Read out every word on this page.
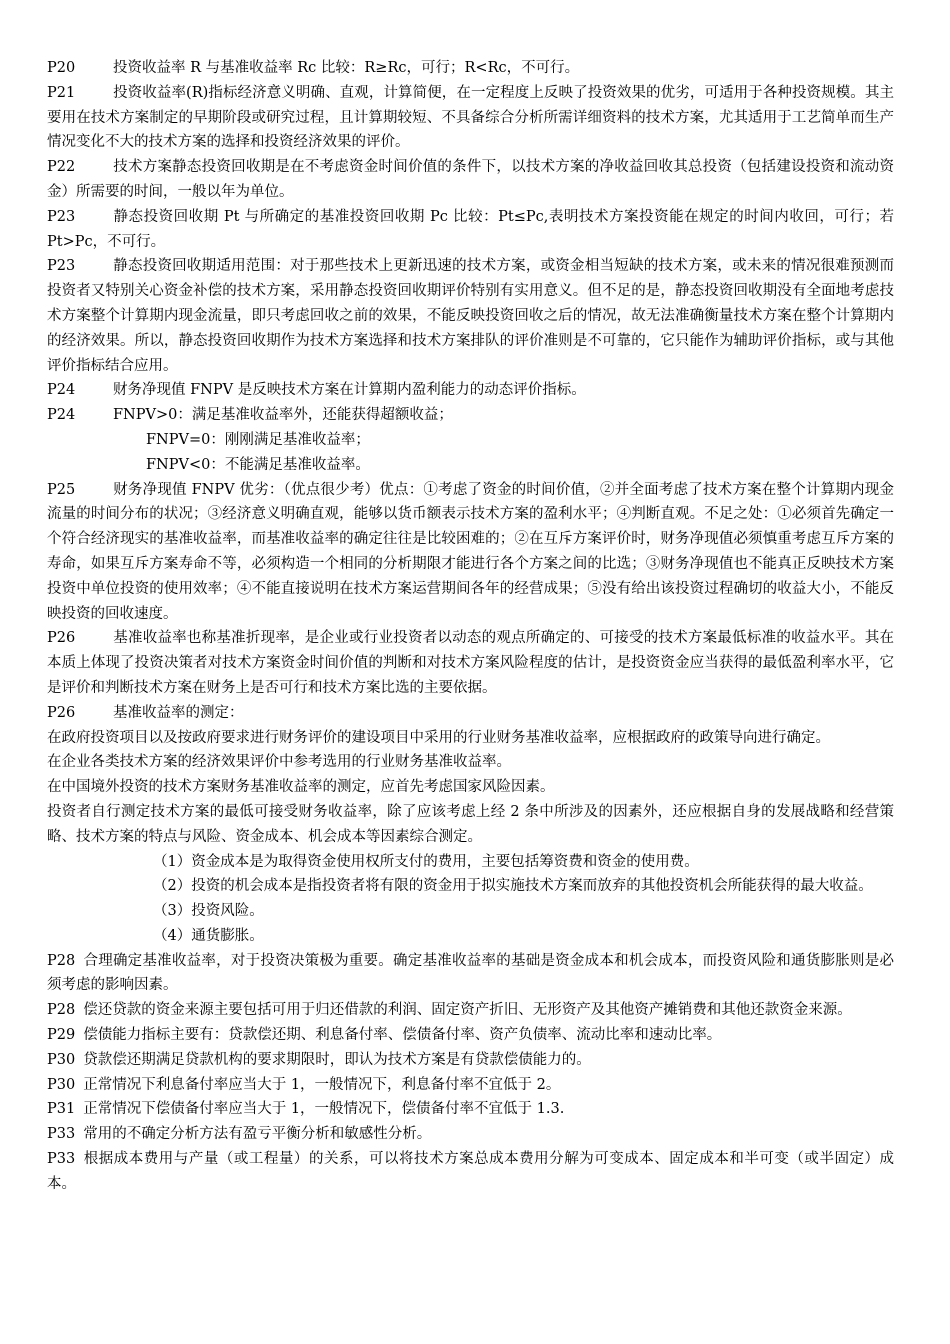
P20	投资收益率 R 与基准收益率 Rc 比较：R≥Rc，可行；R<Rc，不可行。
P21	投资收益率(R)指标经济意义明确、直观，计算简便，在一定程度上反映了投资效果的优劣，可适用于各种投资规模。其主要用在技术方案制定的早期阶段或研究过程，且计算期较短、不具备综合分析所需详细资料的技术方案，尤其适用于工艺简单而生产情况变化不大的技术方案的选择和投资经济效果的评价。
P22	技术方案静态投资回收期是在不考虑资金时间价值的条件下，以技术方案的净收益回收其总投资（包括建设投资和流动资金）所需要的时间，一般以年为单位。
P23	静态投资回收期 Pt 与所确定的基准投资回收期 Pc 比较：Pt≤Pc,表明技术方案投资能在规定的时间内收回，可行；若 Pt>Pc，不可行。
P23	静态投资回收期适用范围：对于那些技术上更新迅速的技术方案，或资金相当短缺的技术方案，或未来的情况很难预测而投资者又特别关心资金补偿的技术方案，采用静态投资回收期评价特别有实用意义。但不足的是，静态投资回收期没有全面地考虑技术方案整个计算期内现金流量，即只考虑回收之前的效果，不能反映投资回收之后的情况，故无法准确衡量技术方案在整个计算期内的经济效果。所以，静态投资回收期作为技术方案选择和技术方案排队的评价准则是不可靠的，它只能作为辅助评价指标，或与其他评价指标结合应用。
P24	财务净现值 FNPV 是反映技术方案在计算期内盈利能力的动态评价指标。
P24	FNPV>0：满足基准收益率外，还能获得超额收益；
FNPV=0：刚刚满足基准收益率；
FNPV<0：不能满足基准收益率。
P25	财务净现值 FNPV 优劣：（优点很少考）优点：①考虑了资金的时间价值，②并全面考虑了技术方案在整个计算期内现金流量的时间分布的状况；③经济意义明确直观，能够以货币额表示技术方案的盈利水平；④判断直观。不足之处：①必须首先确定一个符合经济现实的基准收益率，而基准收益率的确定往往是比较困难的；②在互斥方案评价时，财务净现值必须慎重考虑互斥方案的寿命，如果互斥方案寿命不等，必须构造一个相同的分析期限才能进行各个方案之间的比选；③财务净现值也不能真正反映技术方案投资中单位投资的使用效率；④不能直接说明在技术方案运营期间各年的经营成果；⑤没有给出该投资过程确切的收益大小，不能反映投资的回收速度。
P26	基准收益率也称基准折现率，是企业或行业投资者以动态的观点所确定的、可接受的技术方案最低标准的收益水平。其在本质上体现了投资决策者对技术方案资金时间价值的判断和对技术方案风险程度的估计，是投资资金应当获得的最低盈利率水平，它是评价和判断技术方案在财务上是否可行和技术方案比选的主要依据。
P26	基准收益率的测定：
在政府投资项目以及按政府要求进行财务评价的建设项目中采用的行业财务基准收益率，应根据政府的政策导向进行确定。
在企业各类技术方案的经济效果评价中参考选用的行业财务基准收益率。
在中国境外投资的技术方案财务基准收益率的测定，应首先考虑国家风险因素。
投资者自行测定技术方案的最低可接受财务收益率，除了应该考虑上经 2 条中所涉及的因素外，还应根据自身的发展战略和经营策略、技术方案的特点与风险、资金成本、机会成本等因素综合测定。
（1）资金成本是为取得资金使用权所支付的费用，主要包括筹资费和资金的使用费。
（2）投资的机会成本是指投资者将有限的资金用于拟实施技术方案而放弃的其他投资机会所能获得的最大收益。
（3）投资风险。
（4）通货膨胀。
P28 合理确定基准收益率，对于投资决策极为重要。确定基准收益率的基础是资金成本和机会成本，而投资风险和通货膨胀则是必须考虑的影响因素。
P28 偿还贷款的资金来源主要包括可用于归还借款的利润、固定资产折旧、无形资产及其他资产摊销费和其他还款资金来源。
P29 偿债能力指标主要有：贷款偿还期、利息备付率、偿债备付率、资产负债率、流动比率和速动比率。
P30 贷款偿还期满足贷款机构的要求期限时，即认为技术方案是有贷款偿债能力的。
P30 正常情况下利息备付率应当大于 1，一般情况下，利息备付率不宜低于 2。
P31 正常情况下偿债备付率应当大于 1，一般情况下，偿债备付率不宜低于 1.3.
P33 常用的不确定分析方法有盈亏平衡分析和敏感性分析。
P33 根据成本费用与产量（或工程量）的关系，可以将技术方案总成本费用分解为可变成本、固定成本和半可变（或半固定）成本。
